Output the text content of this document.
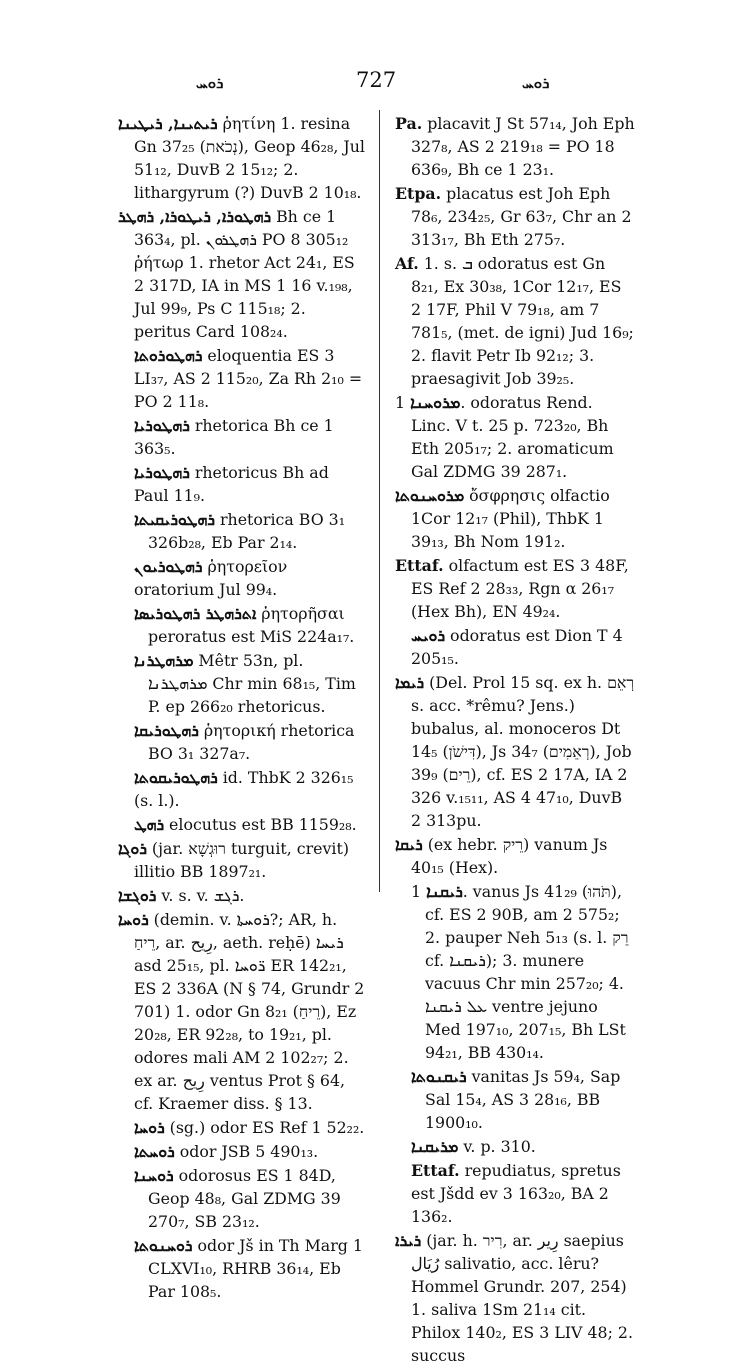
ܪܘܚ	727	ܪܘܚ
ܪܝܬܝܢܐ, ܪܝܛܝܢܐ ῥητίνη 1. resina Gn 37₂₅ (נְכֹאת), Geop 46₂₈, Jul 51₁₂, DuvB 2 15₁₂; 2. lithargyrum (?) DuvB 2 10₁₈.
ܪܗܛܘܪܐ, ܪܝܛܘܪܐ, ܪܗܛܪ Bh ce 1 363₄, pl. ܪܗܛܪܘܢ PO 8 305₁₂ ῥήτωρ 1. rhetor Act 24₁, ES 2 317D, IA in MS 1 16 v.₁₉₈, Jul 99₉, Ps C 115₁₈; 2. peritus Card 108₂₄.
ܪܗܛܘܪܘܬܐ eloquentia ES 3 LI₃₇, AS 2 115₂₀, Za Rh 2₁₀ = PO 2 11₈.
ܪܗܛܘܪܝܐ rhetorica Bh ce 1 363₅.
ܪܗܛܘܪܝܐ rhetoricus Bh ad Paul 11₉.
ܪܗܛܘܪܝܩܝܬܐ rhetorica BO 3₁ 326b₂₈, Eb Par 2₁₄.
ܪܗܛܘܪܝܘܢ ῥητορεῖον oratorium Jul 99₄.
ܐܬܪܗܛܪ ܪܗܛܘܪܝܣܐ ῥητορῆσαι peroratus est MiS 224a₁₇.
ܡܪܗܛܪܢܐ Mêtr 53n, pl. ܡܪܗܛܪܢܐ Chr min 68₁₅, Tim P. ep 266₂₀ rhetoricus.
ܪܗܛܘܪܝܩܐ ῥητορική rhetorica BO 3₁ 327a₇.
ܪܗܛܘܪܝܩܘܬܐ id. ThbK 2 326₁₅ (s. l.).
ܪܗܛ elocutus est BB 1159₂₈.
ܪܘܓܐ (jar. רוּגְשָׁא turguit, crevit) illitio BB 1897₂₁.
ܪܘܓܫܐ v. s. v. ܪܓܫ.
ܪܘܚܐ (demin. v. ܪܘܚܬܐ?; AR, h. רֵיחַ, ar. رِيح, aeth. reḥē) ܪܝܚܐ asd 25₁₅, pl. ܪ̈ܘܚܐ ER 142₂₁, ES 2 336A (N § 74, Grundr 2 701) 1. odor Gn 8₂₁ (רֵיחַ), Ez 20₂₈, ER 92₂₈, to 19₂₁, pl. odores mali AM 2 102₂₇; 2. ex ar. رِيح ventus Prot § 64, cf. Kraemer diss. § 13.
ܪܘܚܐ (sg.) odor ES Ref 1 52₂₂.
ܪܘܚܬܐ odor JSB 5 490₁₃.
ܪܘܚܢܐ odorosus ES 1 84D, Geop 48₈, Gal ZDMG 39 270₇, SB 23₁₂.
ܪܘܚܢܘܬܐ odor Jš in Th Marg 1 CLXVI₁₀, RHRB 36₁₄, Eb Par 108₅.
Pa. placavit J St 57₁₄, Joh Eph 327₈, AS 2 219₁₈ = PO 18 636₉, Bh ce 1 23₁.
Etpa. placatus est Joh Eph 78₆, 234₂₅, Gr 63₇, Chr an 2 313₁₇, Bh Eth 275₇.
Af. 1. s. ܒ odoratus est Gn 8₂₁, Ex 30₃₈, 1Cor 12₁₇, ES 2 17F, Phil V 79₁₈, am 7 781₅, (met. de igni) Jud 16₉; 2. flavit Petr Ib 92₁₂; 3. praesagivit Job 39₂₅.
ܡܪܘܚܢܐ 1. odoratus Rend. Linc. V t. 25 p. 723₂₀, Bh Eth 205₁₇; 2. aromaticum Gal ZDMG 39 287₁.
ܡܪܘܚܢܘܬܐ ὄσφρησις olfactio 1Cor 12₁₇ (Phil), ThbK 1 39₁₃, Bh Nom 191₂.
Ettaf. olfactum est ES 3 48F, ES Ref 2 28₃₃, Rgn α 26₁₇ (Hex Bh), EN 49₂₄.
ܪܘܝܚ odoratus est Dion T 4 205₁₅.
ܪܝܡܐ (Del. Prol 15 sq. ex h. רְאֵם s. acc. *rêmu? Jens.) bubalus, al. monoceros Dt 14₅ (דִּישֹׁן), Js 34₇ (רְאֵמִים), Job 39₉ (רֵים), cf. ES 2 17A, IA 2 326 v.₁₅₁₁, AS 4 47₁₀, DuvB 2 313pu.
ܪܝܩܐ (ex hebr. רֵיק) vanum Js 40₁₅ (Hex).
ܪܝܩܢܐ 1. vanus Js 41₂₉ (תֹּהוּ), cf. ES 2 90B, am 2 575₂; 2. pauper Neh 5₁₃ (s. l. רֵק cf. ܪܝܩܢܐ); 3. munere vacuus Chr min 257₂₀; 4. ܥܠ ܪܝܩܢܐ ventre jejuno Med 197₁₀, 207₁₅, Bh LSt 94₂₁, BB 430₁₄.
ܪܝܩܢܘܬܐ vanitas Js 59₄, Sap Sal 15₄, AS 3 28₁₆, BB 1900₁₀.
ܡܪܝܩܢܐ v. p. 310.
Ettaf. repudiatus, spretus est Jšdd ev 3 163₂₀, BA 2 136₂.
ܪܝܪܐ (jar. h. רִיר, ar. رِير saepius رُيَال salivatio, acc. lêru? Hommel Grundr. 207, 254) 1. saliva 1Sm 21₁₄ cit. Philox 140₂, ES 3 LIV 48; 2. succus
